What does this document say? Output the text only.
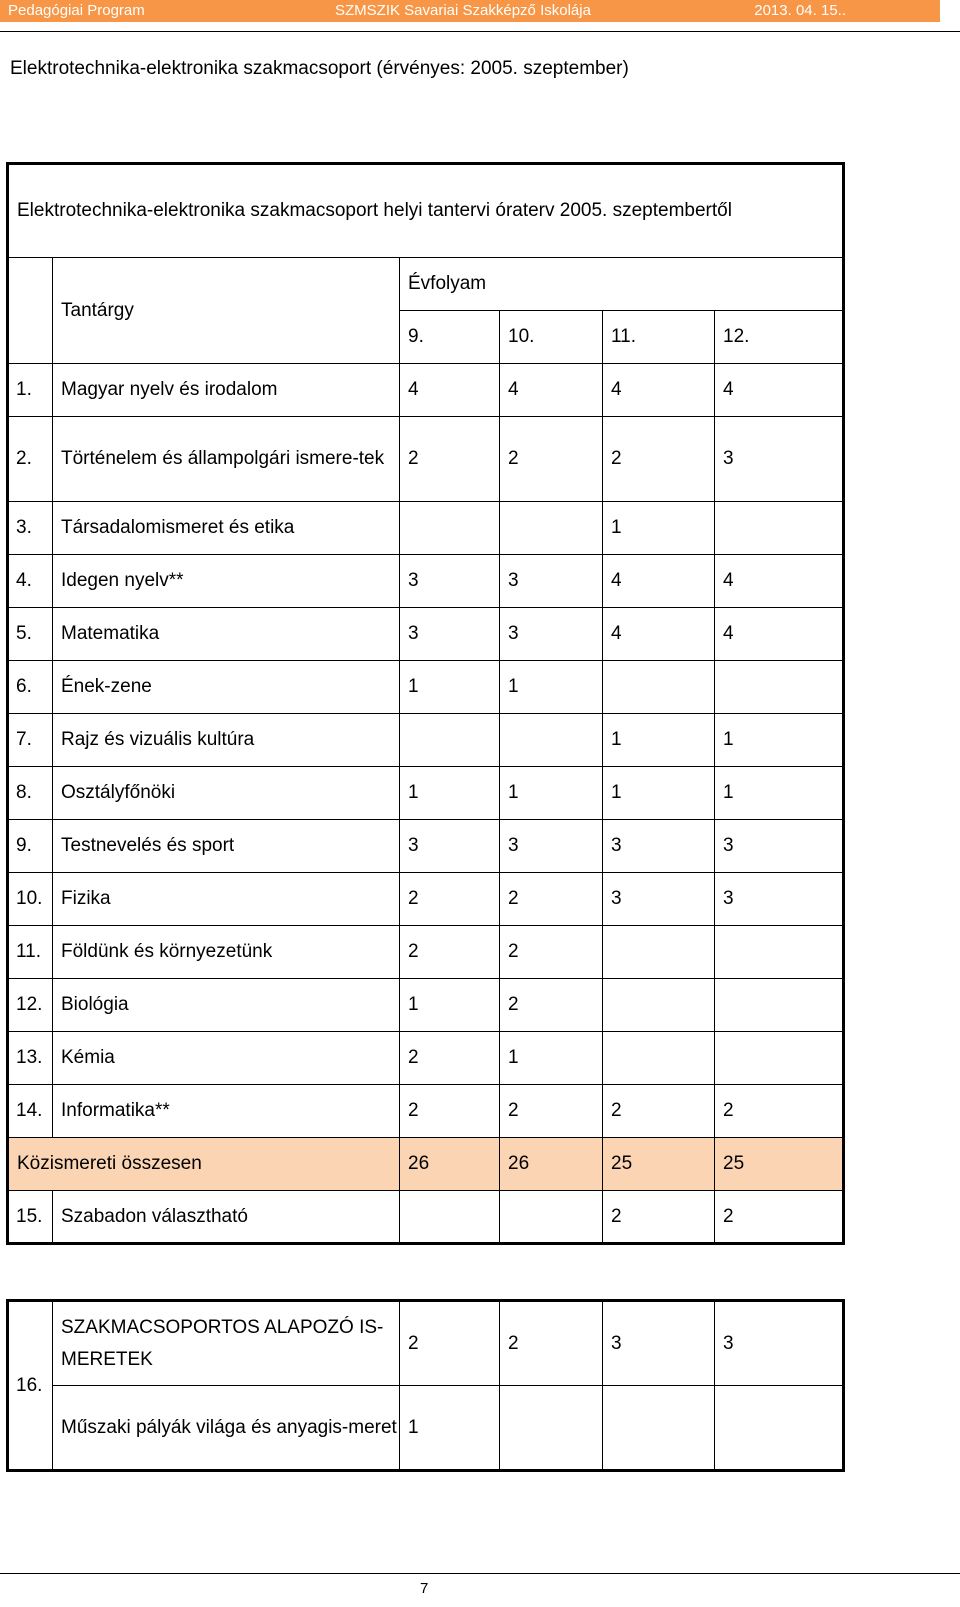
Pedagógiai Program	SZMSZIK Savariai Szakképző Iskolája	2013. 04. 15..
Elektrotechnika-elektronika szakmacsoport (érvényes: 2005. szeptember)
Elektrotechnika-elektronika szakmacsoport helyi tantervi óraterv 2005. szeptembertől					
	Tantárgy	Évfolyam			
		9.	10.	11.	12.
1.	Magyar nyelv és irodalom	4	4	4	4
2.	Történelem és állampolgári ismere-tek	2	2	2	3
3.	Társadalomismeret és etika			1	
4.	Idegen nyelv**	3	3	4	4
5.	Matematika	3	3	4	4
6.	Ének-zene	1	1		
7.	Rajz és vizuális kultúra			1	1
8.	Osztályfőnöki	1	1	1	1
9.	Testnevelés és sport	3	3	3	3
10.	Fizika	2	2	3	3
11.	Földünk és környezetünk	2	2		
12.	Biológia	1	2		
13.	Kémia	2	1		
14.	Informatika**	2	2	2	2
Közismereti összesen		26	26	25	25
15.	Szabadon választható			2	2
16.	SZAKMACSOPORTOS ALAPOZÓ IS-MERETEK	2	2	3	3
	Műszaki pályák világa és anyagis-meret	1			
7
